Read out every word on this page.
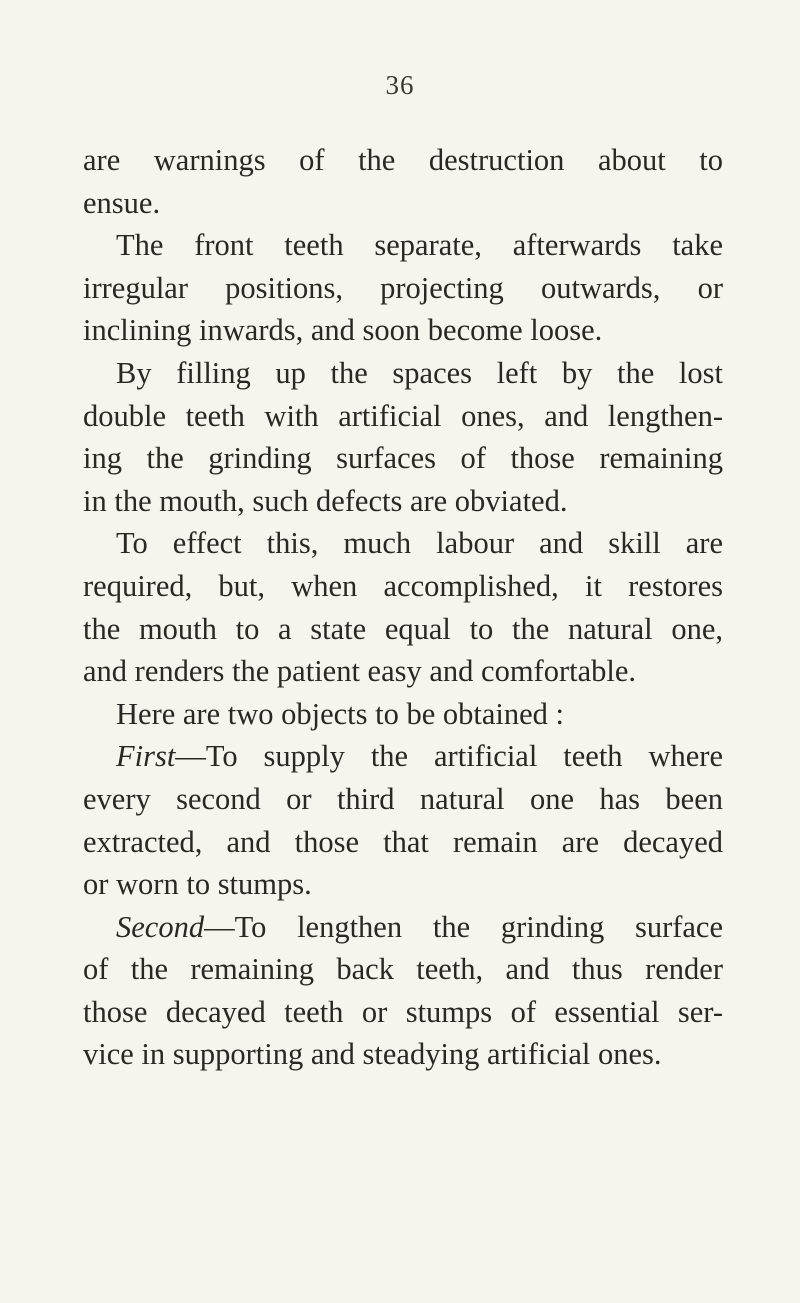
36
are warnings of the destruction about to
ensue.
The front teeth separate, afterwards take
irregular positions, projecting outwards, or
inclining inwards, and soon become loose.
By filling up the spaces left by the lost
double teeth with artificial ones, and lengthen-
ing the grinding surfaces of those remaining
in the mouth, such defects are obviated.
To effect this, much labour and skill are
required, but, when accomplished, it restores
the mouth to a state equal to the natural one,
and renders the patient easy and comfortable.
Here are two objects to be obtained :
First—To supply the artificial teeth where
every second or third natural one has been
extracted, and those that remain are decayed
or worn to stumps.
Second—To lengthen the grinding surface
of the remaining back teeth, and thus render
those decayed teeth or stumps of essential ser-
vice in supporting and steadying artificial ones.
